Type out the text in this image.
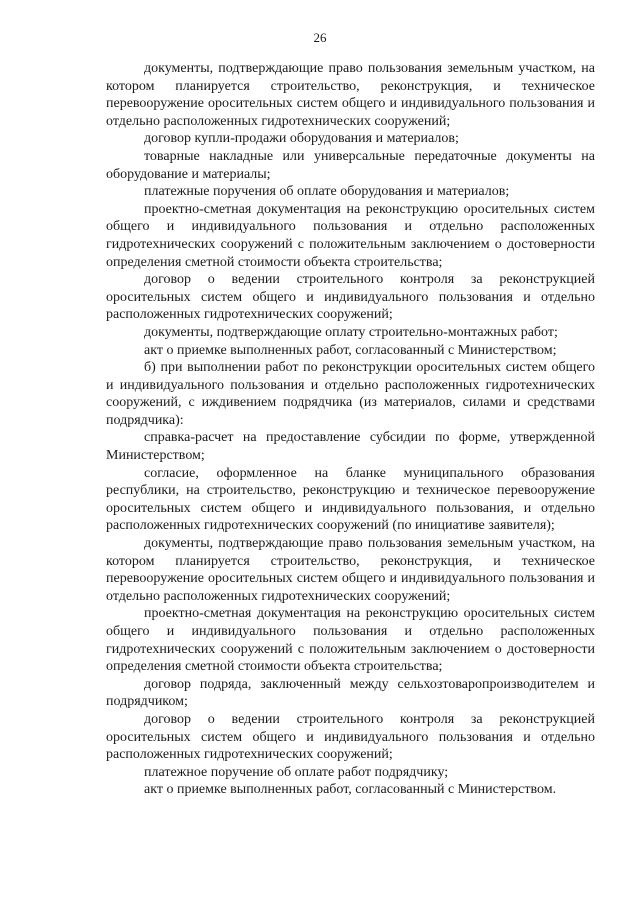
26

документы, подтверждающие право пользования земельным участком, на котором планируется строительство, реконструкция, и техническое перевооружение оросительных систем общего и индивидуального пользования и отдельно расположенных гидротехнических сооружений;

договор купли-продажи оборудования и материалов;

товарные накладные или универсальные передаточные документы на оборудование и материалы;

платежные поручения об оплате оборудования и материалов;

проектно-сметная документация на реконструкцию оросительных систем общего и индивидуального пользования и отдельно расположенных гидротехнических сооружений с положительным заключением о достоверности определения сметной стоимости объекта строительства;

договор о ведении строительного контроля за реконструкцией оросительных систем общего и индивидуального пользования и отдельно расположенных гидротехнических сооружений;

документы, подтверждающие оплату строительно-монтажных работ;

акт о приемке выполненных работ, согласованный с Министерством;

б) при выполнении работ по реконструкции оросительных систем общего и индивидуального пользования и отдельно расположенных гидротехнических сооружений, с иждивением подрядчика (из материалов, силами и средствами подрядчика):

справка-расчет на предоставление субсидии по форме, утвержденной Министерством;

согласие, оформленное на бланке муниципального образования республики, на строительство, реконструкцию и техническое перевооружение оросительных систем общего и индивидуального пользования, и отдельно расположенных гидротехнических сооружений (по инициативе заявителя);

документы, подтверждающие право пользования земельным участком, на котором планируется строительство, реконструкция, и техническое перевооружение оросительных систем общего и индивидуального пользования и отдельно расположенных гидротехнических сооружений;

проектно-сметная документация на реконструкцию оросительных систем общего и индивидуального пользования и отдельно расположенных гидротехнических сооружений с положительным заключением о достоверности определения сметной стоимости объекта строительства;

договор подряда, заключенный между сельхозтоваропроизводителем и подрядчиком;

договор о ведении строительного контроля за реконструкцией оросительных систем общего и индивидуального пользования и отдельно расположенных гидротехнических сооружений;

платежное поручение об оплате работ подрядчику;

акт о приемке выполненных работ, согласованный с Министерством.
